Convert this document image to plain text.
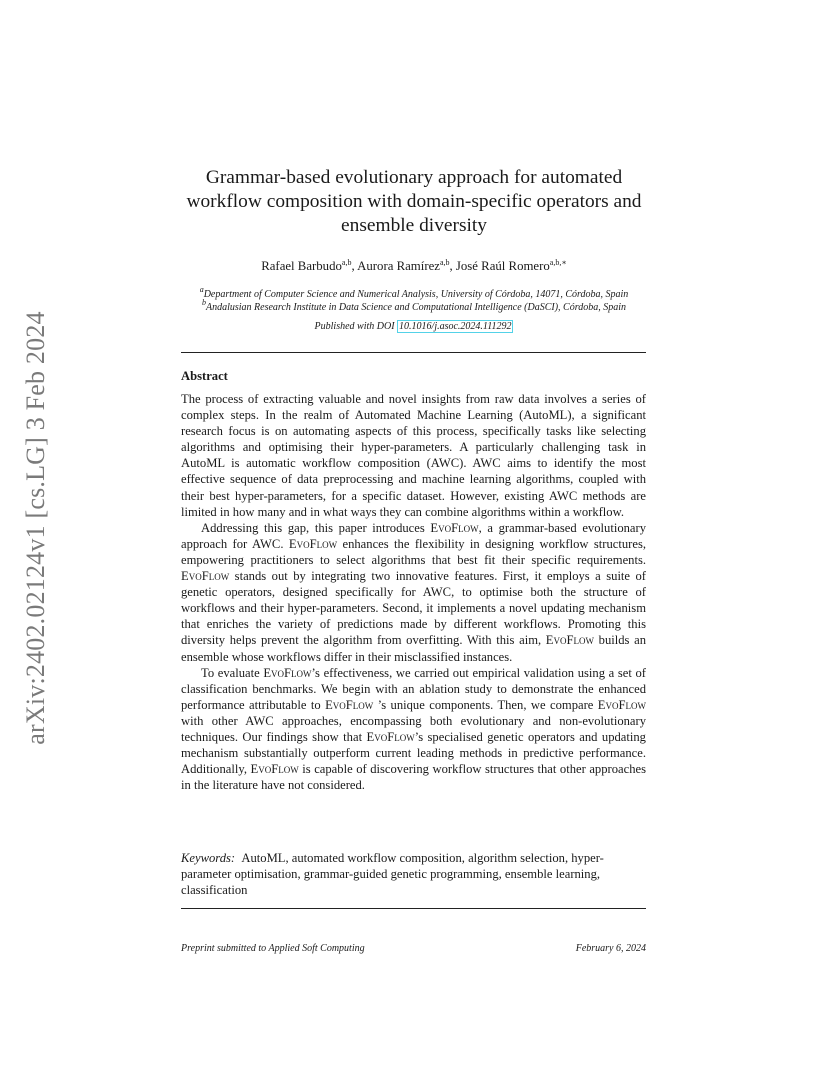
arXiv:2402.02124v1 [cs.LG] 3 Feb 2024
Grammar-based evolutionary approach for automated workflow composition with domain-specific operators and ensemble diversity
Rafael Barbudo$^{a,b}$, Aurora Ramírez$^{a,b}$, José Raúl Romero$^{a,b,∗}$
$^a$Department of Computer Science and Numerical Analysis, University of Córdoba, 14071, Córdoba, Spain
$^b$Andalusian Research Institute in Data Science and Computational Intelligence (DaSCI), Córdoba, Spain
Published with DOI 10.1016/j.asoc.2024.111292
Abstract

The process of extracting valuable and novel insights from raw data involves a series of complex steps. In the realm of Automated Machine Learning (AutoML), a significant research focus is on automating aspects of this process, specifically tasks like selecting algorithms and optimising their hyper-parameters. A particularly challenging task in AutoML is automatic workflow composition (AWC). AWC aims to identify the most effective sequence of data preprocessing and machine learning algorithms, coupled with their best hyper-parameters, for a specific dataset. However, existing AWC methods are limited in how many and in what ways they can combine algorithms within a workflow.

Addressing this gap, this paper introduces EvoFlow, a grammar-based evolutionary approach for AWC. EvoFlow enhances the flexibility in designing workflow structures, empowering practitioners to select algorithms that best fit their specific requirements. EvoFlow stands out by integrating two innovative features. First, it employs a suite of genetic operators, designed specifically for AWC, to optimise both the structure of workflows and their hyper-parameters. Second, it implements a novel updating mechanism that enriches the variety of predictions made by different workflows. Promoting this diversity helps prevent the algorithm from overfitting. With this aim, EvoFlow builds an ensemble whose workflows differ in their misclassified instances.

To evaluate EvoFlow’s effectiveness, we carried out empirical validation using a set of classification benchmarks. We begin with an ablation study to demonstrate the enhanced performance attributable to EvoFlow ’s unique components. Then, we compare EvoFlow with other AWC approaches, encompassing both evolutionary and non-evolutionary techniques. Our findings show that EvoFlow’s specialised genetic operators and updating mechanism substantially outperform current leading methods in predictive performance. Additionally, EvoFlow is capable of discovering workflow structures that other approaches in the literature have not considered.

Keywords: AutoML, automated workflow composition, algorithm selection, hyper-parameter optimisation, grammar-guided genetic programming, ensemble learning, classification
Preprint submitted to Applied Soft Computing	February 6, 2024
